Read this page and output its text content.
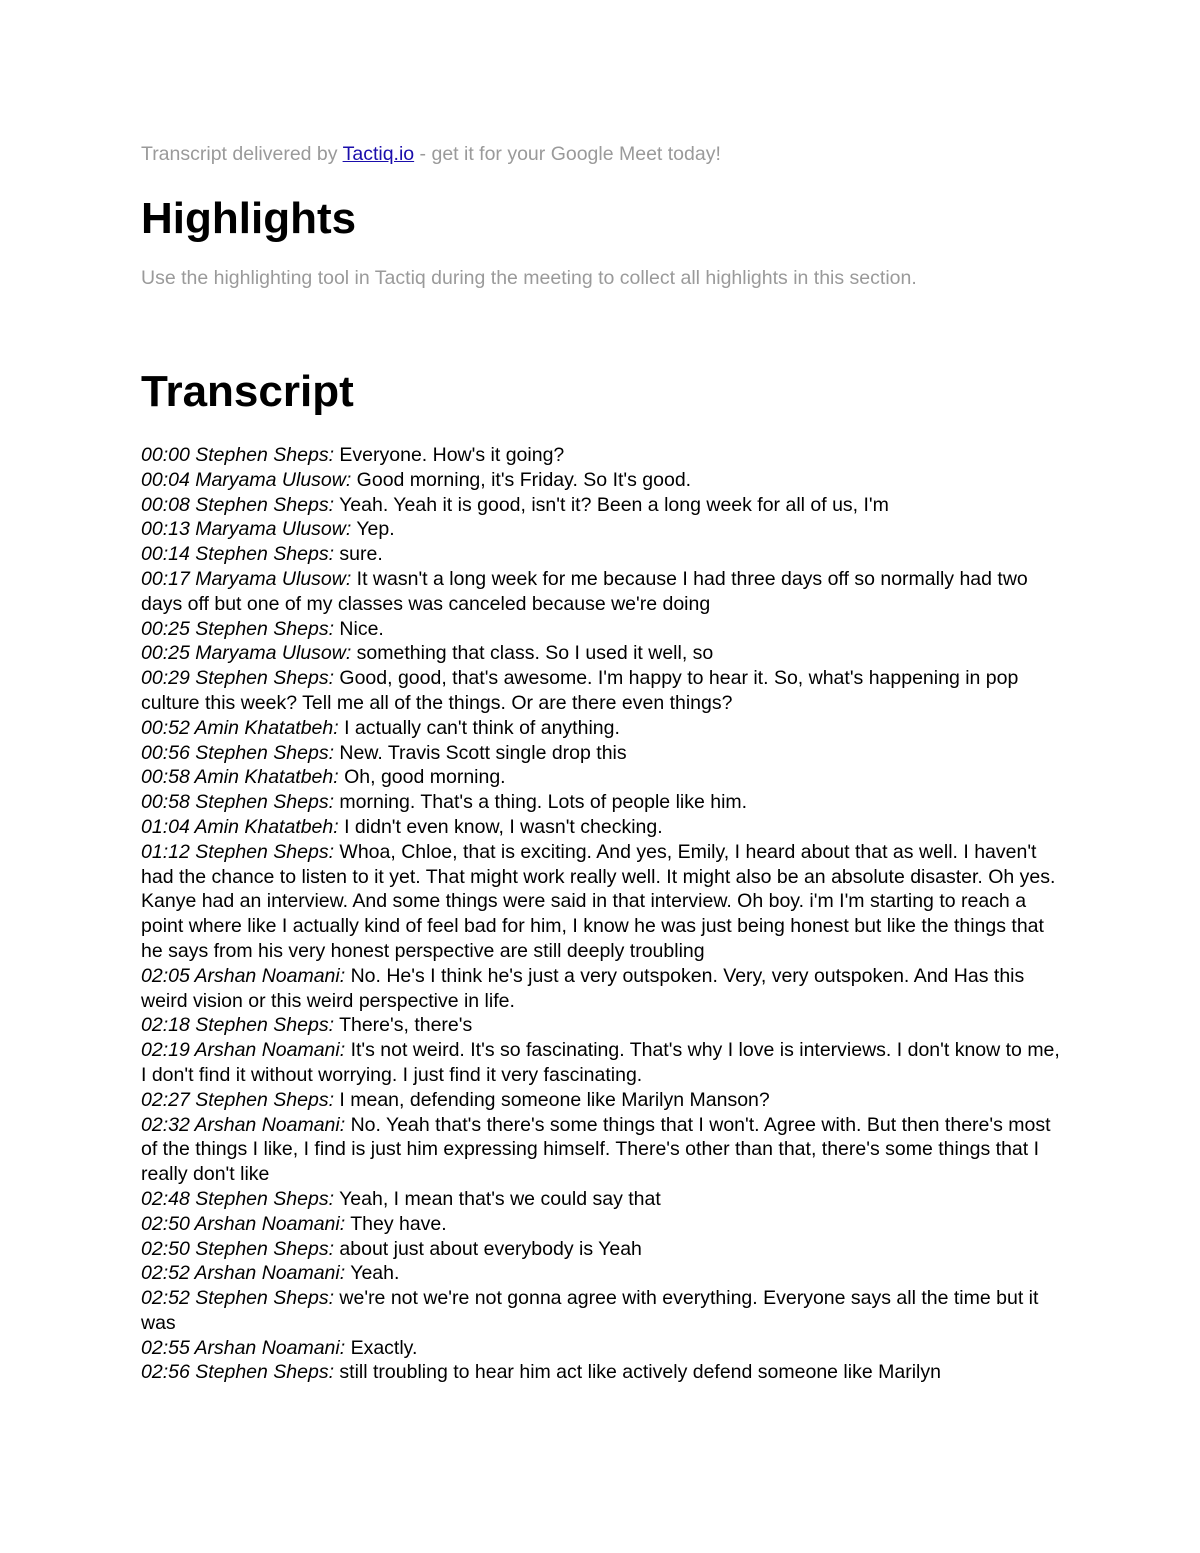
Transcript delivered by Tactiq.io - get it for your Google Meet today!

Highlights

Use the highlighting tool in Tactiq during the meeting to collect all highlights in this section.

Transcript

00:00 Stephen Sheps: Everyone. How's it going?

00:04 Maryama Ulusow: Good morning, it's Friday. So It's good.

00:08 Stephen Sheps: Yeah. Yeah it is good, isn't it? Been a long week for all of us, I'm

00:13 Maryama Ulusow: Yep.

00:14 Stephen Sheps: sure.

00:17 Maryama Ulusow: It wasn't a long week for me because I had three days off so normally had two days off but one of my classes was canceled because we're doing

00:25 Stephen Sheps: Nice.

00:25 Maryama Ulusow: something that class. So I used it well, so

00:29 Stephen Sheps: Good, good, that's awesome. I'm happy to hear it. So, what's happening in pop culture this week? Tell me all of the things. Or are there even things?

00:52 Amin Khatatbeh: I actually can't think of anything.

00:56 Stephen Sheps: New. Travis Scott single drop this

00:58 Amin Khatatbeh: Oh, good morning.

00:58 Stephen Sheps: morning. That's a thing. Lots of people like him.

01:04 Amin Khatatbeh: I didn't even know, I wasn't checking.

01:12 Stephen Sheps: Whoa, Chloe, that is exciting. And yes, Emily, I heard about that as well. I haven't had the chance to listen to it yet. That might work really well. It might also be an absolute disaster. Oh yes. Kanye had an interview. And some things were said in that interview. Oh boy. i'm I'm starting to reach a point where like I actually kind of feel bad for him, I know he was just being honest but like the things that he says from his very honest perspective are still deeply troubling

02:05 Arshan Noamani: No. He's I think he's just a very outspoken. Very, very outspoken. And Has this weird vision or this weird perspective in life.

02:18 Stephen Sheps: There's, there's

02:19 Arshan Noamani: It's not weird. It's so fascinating. That's why I love is interviews. I don't know to me, I don't find it without worrying. I just find it very fascinating.

02:27 Stephen Sheps: I mean, defending someone like Marilyn Manson?

02:32 Arshan Noamani: No. Yeah that's there's some things that I won't. Agree with. But then there's most of the things I like, I find is just him expressing himself. There's other than that, there's some things that I really don't like

02:48 Stephen Sheps: Yeah, I mean that's we could say that

02:50 Arshan Noamani: They have.

02:50 Stephen Sheps: about just about everybody is Yeah

02:52 Arshan Noamani: Yeah.

02:52 Stephen Sheps: we're not we're not gonna agree with everything. Everyone says all the time but it was

02:55 Arshan Noamani: Exactly.

02:56 Stephen Sheps: still troubling to hear him act like actively defend someone like Marilyn
